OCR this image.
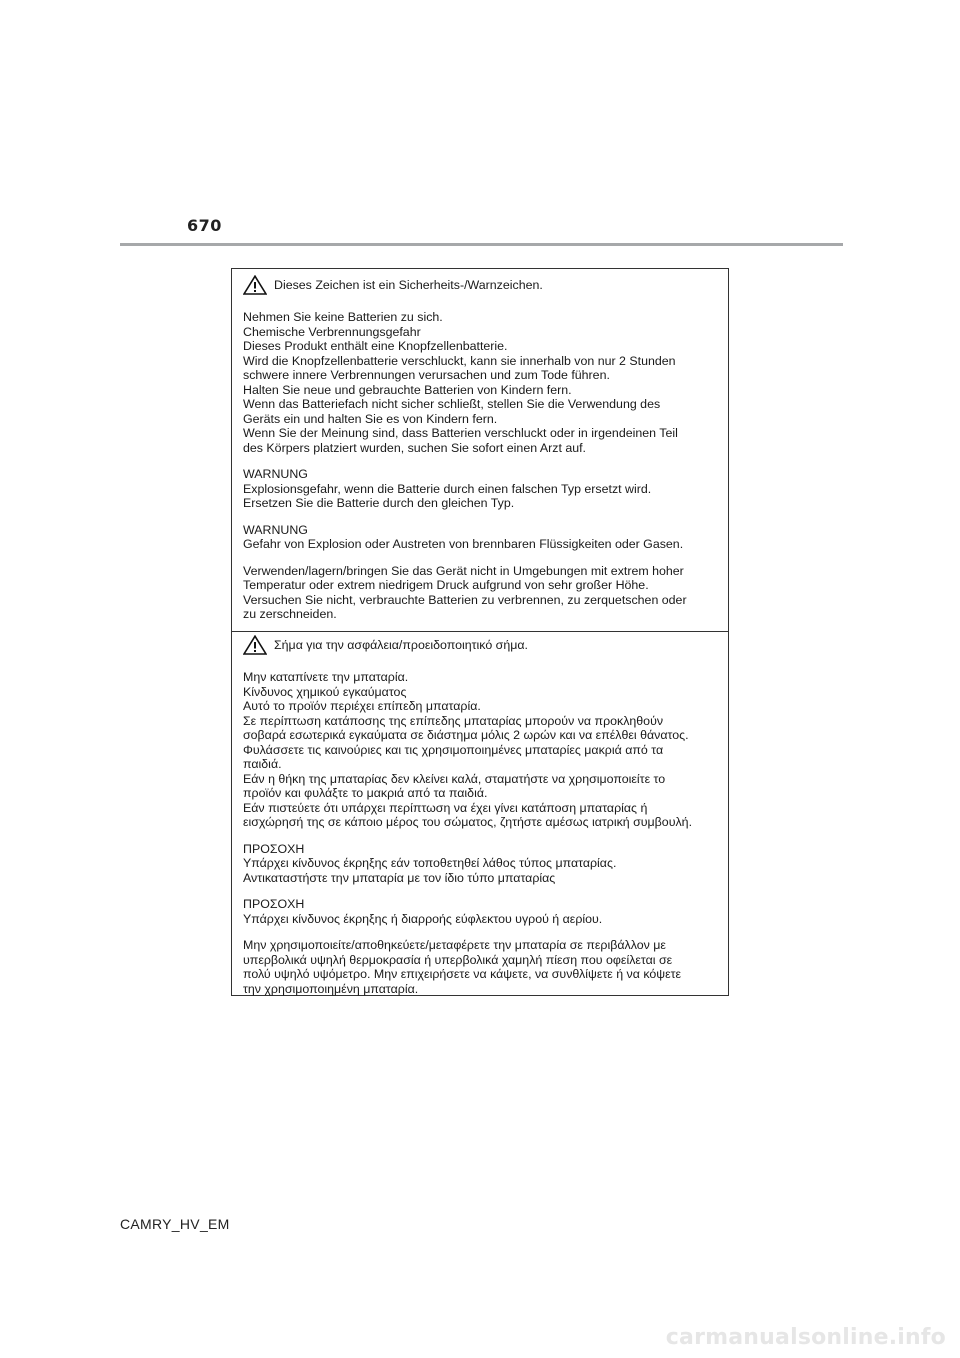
670
Dieses Zeichen ist ein Sicherheits-/Warnzeichen.
Nehmen Sie keine Batterien zu sich.
Chemische Verbrennungsgefahr
Dieses Produkt enthält eine Knopfzellenbatterie.
Wird die Knopfzellenbatterie verschluckt, kann sie innerhalb von nur 2 Stunden
schwere innere Verbrennungen verursachen und zum Tode führen.
Halten Sie neue und gebrauchte Batterien von Kindern fern.
Wenn das Batteriefach nicht sicher schließt, stellen Sie die Verwendung des
Geräts ein und halten Sie es von Kindern fern.
Wenn Sie der Meinung sind, dass Batterien verschluckt oder in irgendeinen Teil
des Körpers platziert wurden, suchen Sie sofort einen Arzt auf.
WARNUNG
Explosionsgefahr, wenn die Batterie durch einen falschen Typ ersetzt wird.
Ersetzen Sie die Batterie durch den gleichen Typ.
WARNUNG
Gefahr von Explosion oder Austreten von brennbaren Flüssigkeiten oder Gasen.
Verwenden/lagern/bringen Sie das Gerät nicht in Umgebungen mit extrem hoher
Temperatur oder extrem niedrigem Druck aufgrund von sehr großer Höhe.
Versuchen Sie nicht, verbrauchte Batterien zu verbrennen, zu zerquetschen oder
zu zerschneiden.
Σήμα για την ασφάλεια/προειδοποιητικό σήμα.
Μην καταπίνετε την μπαταρία.
Κίνδυνος χημικού εγκαύματος
Αυτό το προϊόν περιέχει επίπεδη μπαταρία.
Σε περίπτωση κατάποσης της επίπεδης μπαταρίας μπορούν να προκληθούν
σοβαρά εσωτερικά εγκαύματα σε διάστημα μόλις 2 ωρών και να επέλθει θάνατος.
Φυλάσσετε τις καινούριες και τις χρησιμοποιημένες μπαταρίες μακριά από τα
παιδιά.
Εάν η θήκη της μπαταρίας δεν κλείνει καλά, σταματήστε να χρησιμοποιείτε το
προϊόν και φυλάξτε το μακριά από τα παιδιά.
Εάν πιστεύετε ότι υπάρχει περίπτωση να έχει γίνει κατάποση μπαταρίας ή
εισχώρησή της σε κάποιο μέρος του σώματος, ζητήστε αμέσως ιατρική συμβουλή.
ΠΡΟΣΟΧΗ
Υπάρχει κίνδυνος έκρηξης εάν τοποθετηθεί λάθος τύπος μπαταρίας.
Αντικαταστήστε την μπαταρία με τον ίδιο τύπο μπαταρίας
ΠΡΟΣΟΧΗ
Υπάρχει κίνδυνος έκρηξης ή διαρροής εύφλεκτου υγρού ή αερίου.
Μην χρησιμοποιείτε/αποθηκεύετε/μεταφέρετε την μπαταρία σε περιβάλλον με
υπερβολικά υψηλή θερμοκρασία ή υπερβολικά χαμηλή πίεση που οφείλεται σε
πολύ υψηλό υψόμετρο. Μην επιχειρήσετε να κάψετε, να συνθλίψετε ή να κόψετε
την χρησιμοποιημένη μπαταρία.
CAMRY_HV_EM
carmanualsonline.info
